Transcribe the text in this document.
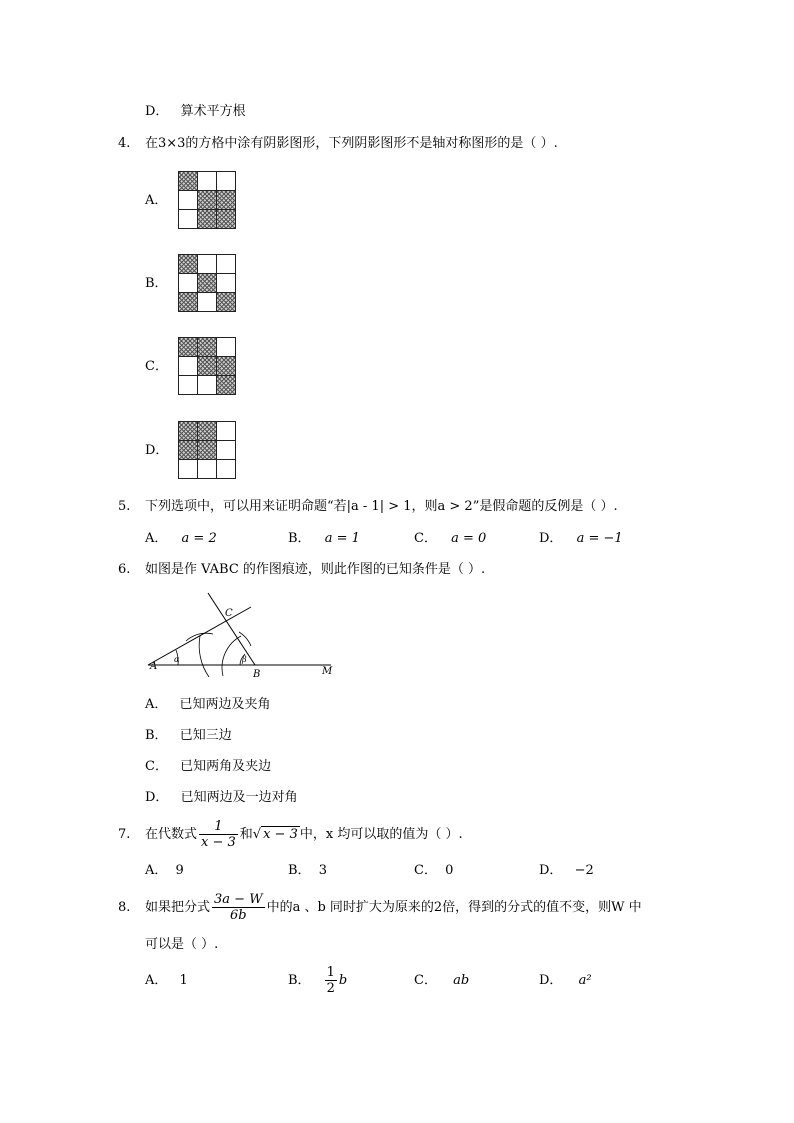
D． 算术平方根
4. 在3×3的方格中涂有阴影图形，下列阴影图形不是轴对称图形的是（ ）.
A．
B．
C．
D．
5. 下列选项中，可以用来证明命题“若|a - 1| > 1，则a > 2”是假命题的反例是（ ）.
A． a = 2	B． a = 1	C． a = 0	D． a = −1
6. 如图是作 VABC 的作图痕迹，则此作图的已知条件是（ ）.
A
α	β
B
C
M
A． 已知两边及夹角
B． 已知三边
C． 已知两角及夹边
D． 已知两边及一边对角
7. 在代数式 $\frac{1}{x - 3}$ 和√ x − 3 中，x 均可以取的值为（ ）.
A． 9	B． 3	C． 0	D． −2
8. 如果把分式 $\frac{3a - W}{6b}$ 中的a 、b 同时扩大为原来的2倍，得到的分式的值不变，则W 中
可以是（ ）.
A． 1	B． $\frac{1}{2}$ b	C． ab	D． a²
